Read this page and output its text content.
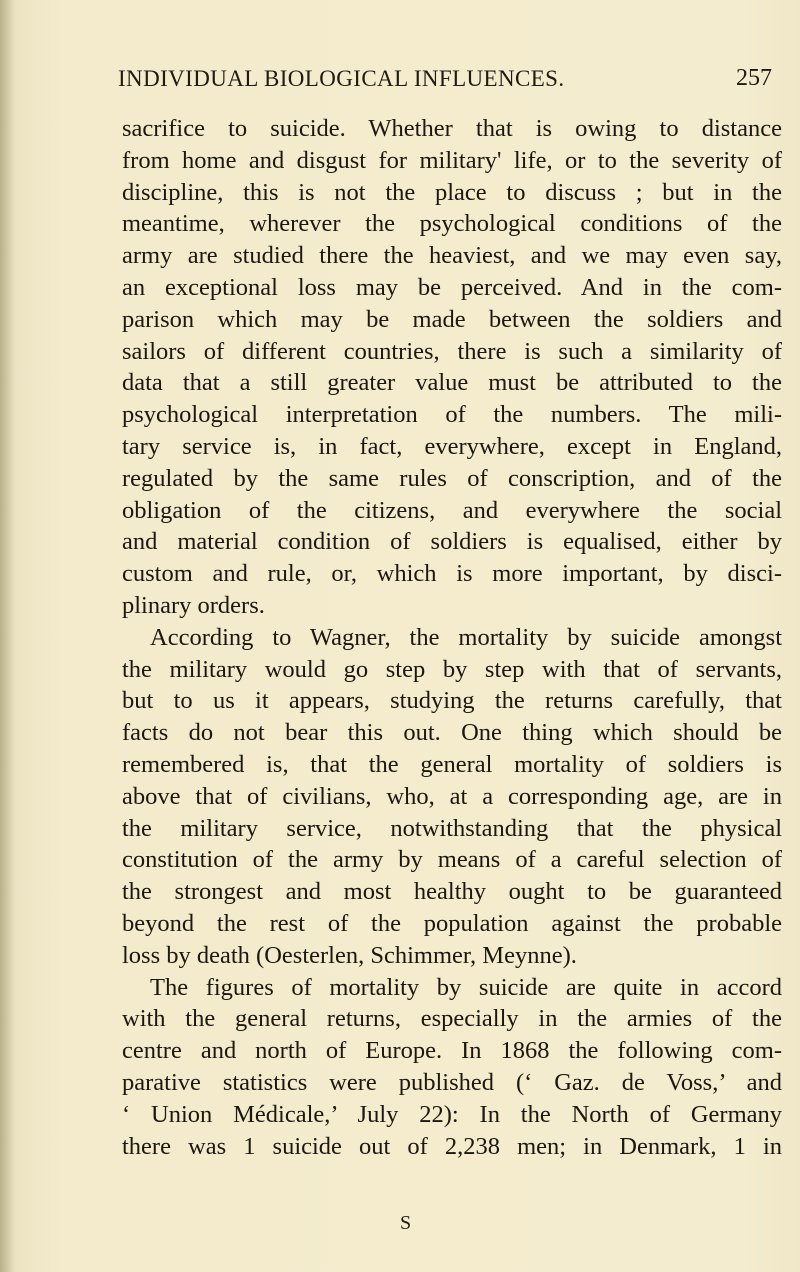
INDIVIDUAL BIOLOGICAL INFLUENCES.	257
sacrifice to suicide. Whether that is owing to distance
from home and disgust for military' life, or to the severity of
discipline, this is not the place to discuss ; but in the
meantime, wherever the psychological conditions of the
army are studied there the heaviest, and we may even say,
an exceptional loss may be perceived. And in the com-
parison which may be made between the soldiers and
sailors of different countries, there is such a similarity of
data that a still greater value must be attributed to the
psychological interpretation of the numbers. The mili-
tary service is, in fact, everywhere, except in England,
regulated by the same rules of conscription, and of the
obligation of the citizens, and everywhere the social
and material condition of soldiers is equalised, either by
custom and rule, or, which is more important, by disci-
plinary orders.
According to Wagner, the mortality by suicide amongst
the military would go step by step with that of servants,
but to us it appears, studying the returns carefully, that
facts do not bear this out. One thing which should be
remembered is, that the general mortality of soldiers is
above that of civilians, who, at a corresponding age, are in
the military service, notwithstanding that the physical
constitution of the army by means of a careful selection of
the strongest and most healthy ought to be guaranteed
beyond the rest of the population against the probable
loss by death (Oesterlen, Schimmer, Meynne).
The figures of mortality by suicide are quite in accord
with the general returns, especially in the armies of the
centre and north of Europe. In 1868 the following com-
parative statistics were published (‘ Gaz. de Voss,’ and
‘ Union Médicale,’ July 22): In the North of Germany
there was 1 suicide out of 2,238 men; in Denmark, 1 in
S
